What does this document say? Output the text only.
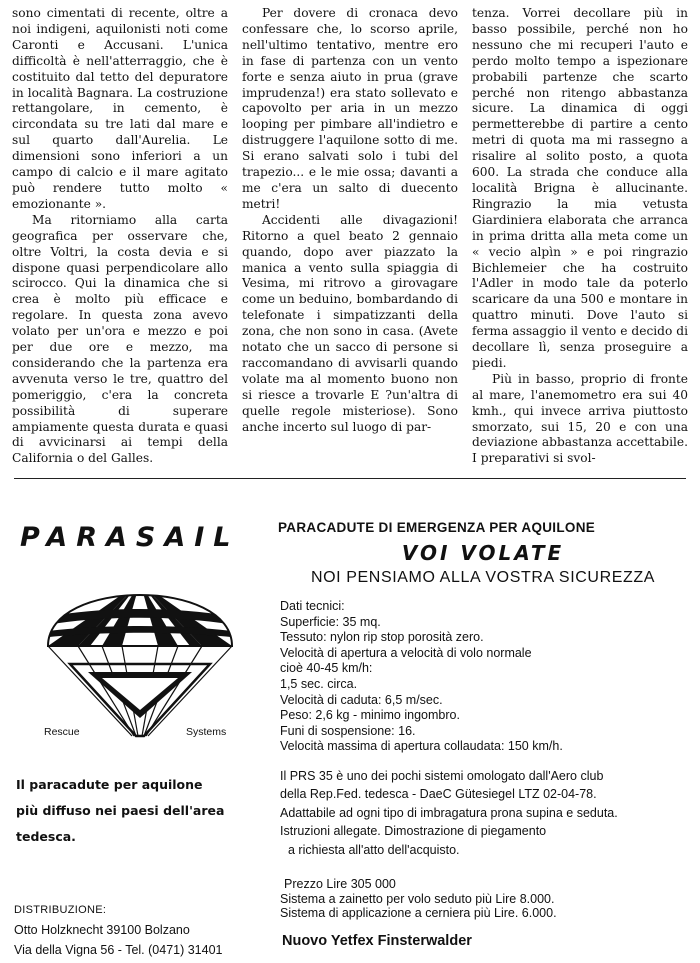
sono cimentati di recente, oltre a noi indigeni, aquilonisti noti come Caronti e Accusani. L'unica difficoltà è nell'atterraggio, che è costituito dal tetto del depuratore in località Bagnara. La costruzione rettangolare, in cemento, è circondata su tre lati dal mare e sul quarto dall'Aurelia. Le dimensioni sono inferiori a un campo di calcio e il mare agitato può rendere tutto molto « emozionante ».

Ma ritorniamo alla carta geografica per osservare che, oltre Voltri, la costa devia e si dispone quasi perpendicolare allo scirocco. Qui la dinamica che si crea è molto più efficace e regolare. In questa zona avevo volato per un'ora e mezzo e poi per due ore e mezzo, ma considerando che la partenza era avvenuta verso le tre, quattro del pomeriggio, c'era la concreta possibilità di superare ampiamente questa durata e quasi di avvicinarsi ai tempi della California o del Galles.

Per dovere di cronaca devo confessare che, lo scorso aprile, nell'ultimo tentativo, mentre ero in fase di partenza con un vento forte e senza aiuto in prua (grave imprudenza!) era stato sollevato e capovolto per aria in un mezzo looping per pimbarе all'indietro e distruggere l'aquilone sotto di me. Si erano salvati solo i tubi del trapezio... e le mie ossa; davanti a me c'era un salto di duecento metri!

Accidenti alle divagazioni! Ritorno a quel beato 2 gennaio quando, dopo aver piazzato la manica a vento sulla spiaggia di Vesima, mi ritrovo a girovagare come un beduino, bombardando di telefonate i simpatizzanti della zona, che non sono in casa. (Avete notato che un sacco di persone si raccomandano di avvisarli quando volate ma al momento buono non si riesce a trovarle E ?un'altra di quelle regole misteriose). Sono anche incerto sul luogo di par-

tenza. Vorrei decollare più in basso possibile, perché non ho nessuno che mi recuperi l'auto e perdo molto tempo a ispezionare probabili partenze che scarto perché non ritengo abbastanza sicure. La dinamica di oggi permetterebbe di partire a cento metri di quota ma mi rassegno a risalire al solito posto, a quota 600. La strada che conduce alla località Brigna è allucinante. Ringrazio la mia vetusta Giardiniera elaborata che arranca in prima dritta alla meta come un « vecio alpìn » e poi ringrazio Bichlemeier che ha costruito l'Adler in modo tale da poterlo scaricare da una 500 e montare in quattro minuti. Dove l'auto si ferma assaggio il vento e decido di decollare lì, senza proseguire a piedi.

Più in basso, proprio di fronte al mare, l'anemometro era sui 40 kmh., qui invece arriva piuttosto smorzato, sui 15, 20 e con una deviazione abbastanza accettabile. I preparativi si svol-

PARASAIL
Rescue	Systems
Il paracadute per aquilone
più diffuso nei paesi dell'area
tedesca.
DISTRIBUZIONE:
Otto Holzknecht 39100 Bolzano
Via della Vigna 56 - Tel. (0471) 31401
PARACADUTE DI EMERGENZA PER AQUILONE
VOI VOLATE
NOI PENSIAMO ALLA VOSTRA SICUREZZA
Dati tecnici:
Superficie: 35 mq.
Tessuto: nylon rip stop porosità zero.
Velocità di apertura a velocità di volo normale
cioè 40-45 km/h:
1,5 sec. circa.
Velocità di caduta: 6,5 m/sec.
Peso: 2,6 kg - minimo ingombro.
Funi di sospensione: 16.
Velocità massima di apertura collaudata: 150 km/h.
Il PRS 35 è uno dei pochi sistemi omologato dall'Aero club
della Rep.Fed. tedesca - DaeC Gütesiegel LTZ 02-04-78.
Adattabile ad ogni tipo di imbragatura prona supina e seduta.
Istruzioni allegate. Dimostrazione di piegamento
a richiesta all'atto dell'acquisto.
Prezzo Lire 305 000
Sistema a zainetto per volo seduto più Lire 8.000.
Sistema di applicazione a cerniera più Lire. 6.000.
Nuovo Yetfex Finsterwalder
